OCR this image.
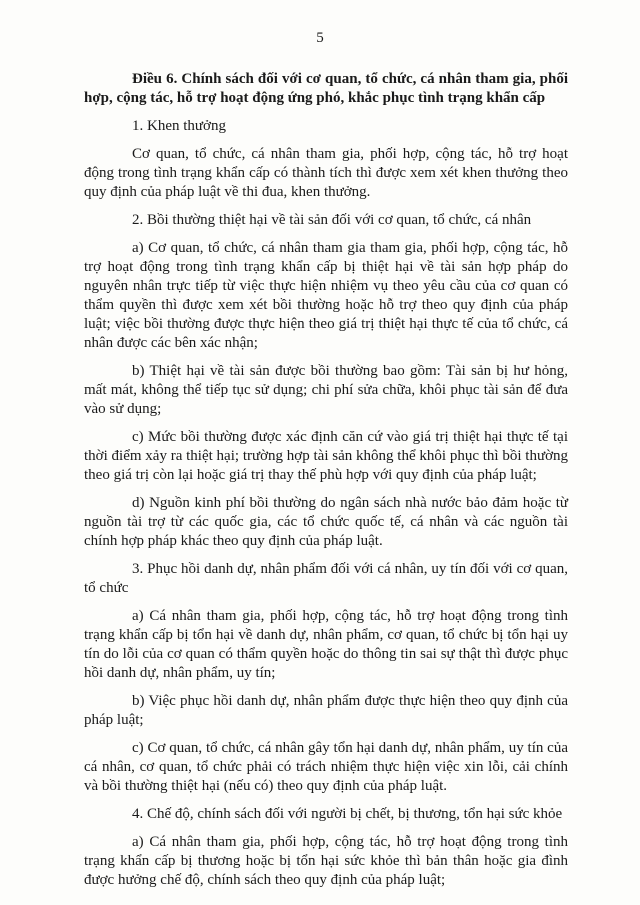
5

Điều 6. Chính sách đối với cơ quan, tổ chức, cá nhân tham gia, phối hợp, cộng tác, hỗ trợ hoạt động ứng phó, khắc phục tình trạng khẩn cấp

1. Khen thưởng

Cơ quan, tổ chức, cá nhân tham gia, phối hợp, cộng tác, hỗ trợ hoạt động trong tình trạng khẩn cấp có thành tích thì được xem xét khen thưởng theo quy định của pháp luật về thi đua, khen thưởng.

2. Bồi thường thiệt hại về tài sản đối với cơ quan, tổ chức, cá nhân

a) Cơ quan, tổ chức, cá nhân tham gia tham gia, phối hợp, cộng tác, hỗ trợ hoạt động trong tình trạng khẩn cấp bị thiệt hại về tài sản hợp pháp do nguyên nhân trực tiếp từ việc thực hiện nhiệm vụ theo yêu cầu của cơ quan có thẩm quyền thì được xem xét bồi thường hoặc hỗ trợ theo quy định của pháp luật; việc bồi thường được thực hiện theo giá trị thiệt hại thực tế của tổ chức, cá nhân được các bên xác nhận;

b) Thiệt hại về tài sản được bồi thường bao gồm: Tài sản bị hư hỏng, mất mát, không thể tiếp tục sử dụng; chi phí sửa chữa, khôi phục tài sản để đưa vào sử dụng;

c) Mức bồi thường được xác định căn cứ vào giá trị thiệt hại thực tế tại thời điểm xảy ra thiệt hại; trường hợp tài sản không thể khôi phục thì bồi thường theo giá trị còn lại hoặc giá trị thay thế phù hợp với quy định của pháp luật;

d) Nguồn kinh phí bồi thường do ngân sách nhà nước bảo đảm hoặc từ nguồn tài trợ từ các quốc gia, các tổ chức quốc tế, cá nhân và các nguồn tài chính hợp pháp khác theo quy định của pháp luật.

3. Phục hồi danh dự, nhân phẩm đối với cá nhân, uy tín đối với cơ quan, tổ chức

a) Cá nhân tham gia, phối hợp, cộng tác, hỗ trợ hoạt động trong tình trạng khẩn cấp bị tổn hại về danh dự, nhân phẩm, cơ quan, tổ chức bị tổn hại uy tín do lỗi của cơ quan có thẩm quyền hoặc do thông tin sai sự thật thì được phục hồi danh dự, nhân phẩm, uy tín;

b) Việc phục hồi danh dự, nhân phẩm được thực hiện theo quy định của pháp luật;

c) Cơ quan, tổ chức, cá nhân gây tổn hại danh dự, nhân phẩm, uy tín của cá nhân, cơ quan, tổ chức phải có trách nhiệm thực hiện việc xin lỗi, cải chính và bồi thường thiệt hại (nếu có) theo quy định của pháp luật.

4. Chế độ, chính sách đối với người bị chết, bị thương, tổn hại sức khỏe

a) Cá nhân tham gia, phối hợp, cộng tác, hỗ trợ hoạt động trong tình trạng khẩn cấp bị thương hoặc bị tổn hại sức khỏe thì bản thân hoặc gia đình được hưởng chế độ, chính sách theo quy định của pháp luật;
